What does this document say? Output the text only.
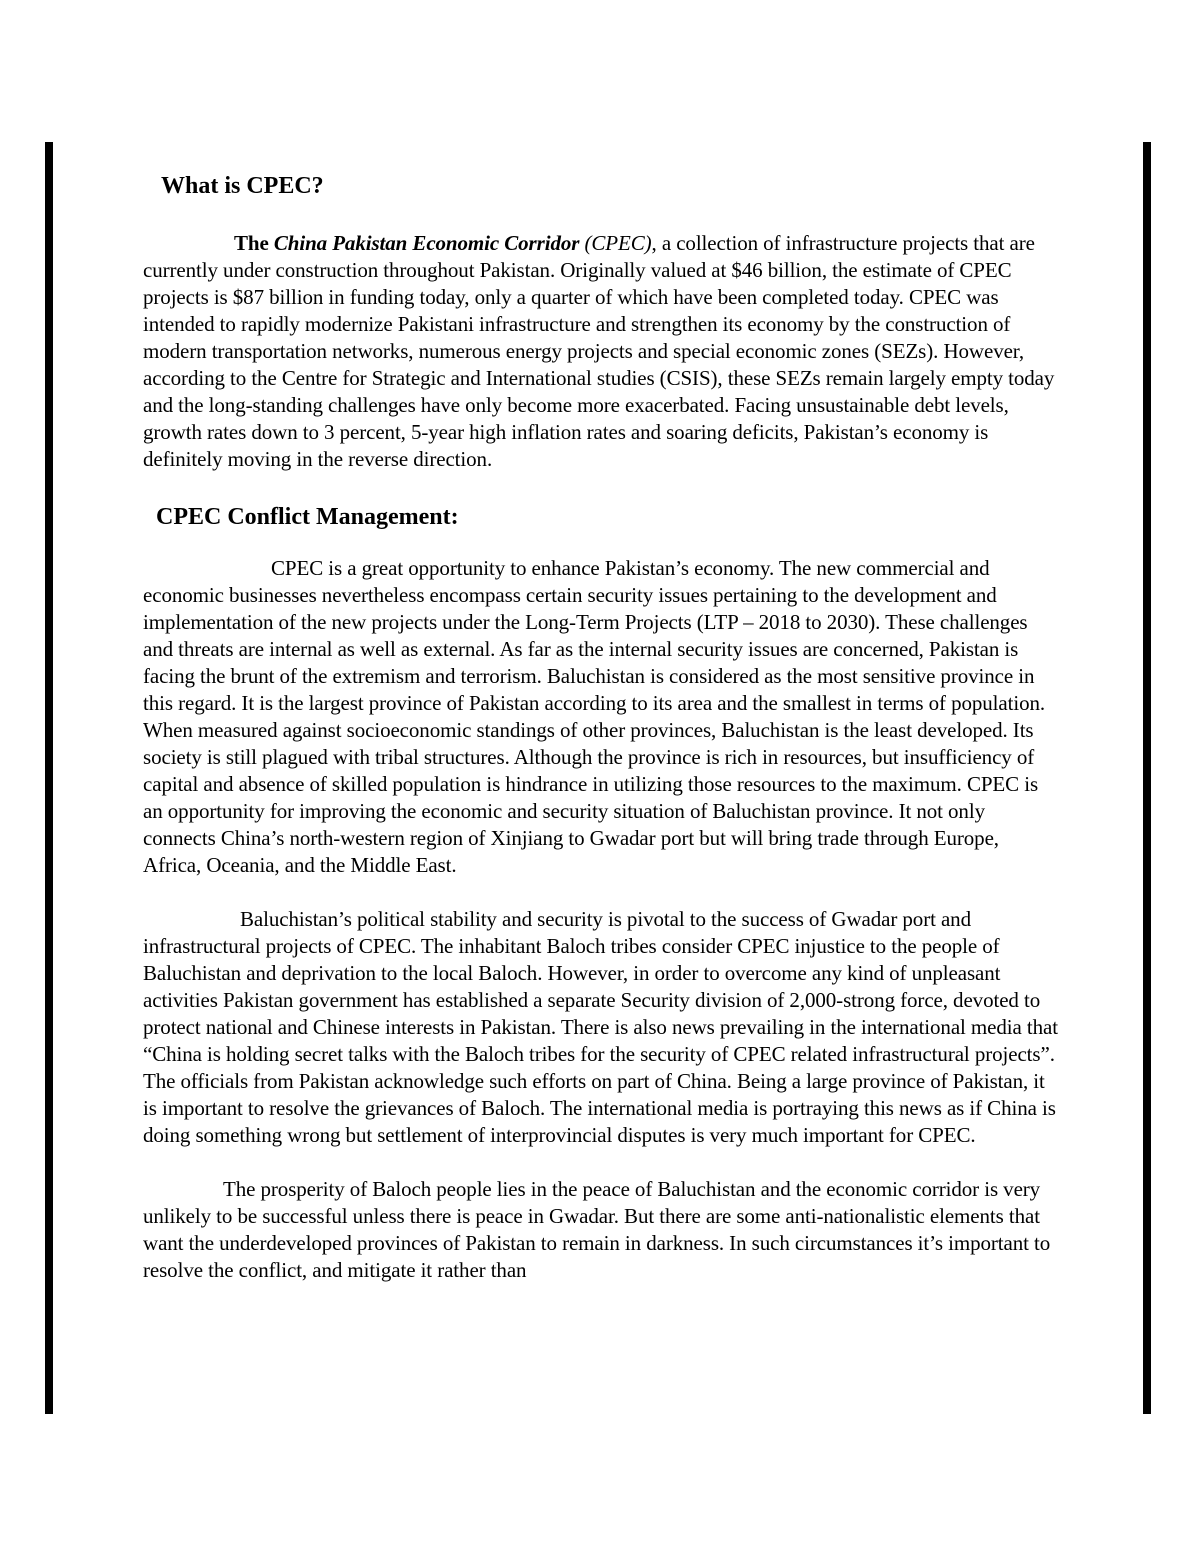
What is CPEC?

The China Pakistan Economic Corridor (CPEC), a collection of infrastructure projects that are currently under construction throughout Pakistan. Originally valued at $46 billion, the estimate of CPEC projects is $87 billion in funding today, only a quarter of which have been completed today. CPEC was intended to rapidly modernize Pakistani infrastructure and strengthen its economy by the construction of modern transportation networks, numerous energy projects and special economic zones (SEZs). However, according to the Centre for Strategic and International studies (CSIS), these SEZs remain largely empty today and the long-standing challenges have only become more exacerbated. Facing unsustainable debt levels, growth rates down to 3 percent, 5-year high inflation rates and soaring deficits, Pakistan’s economy is definitely moving in the reverse direction.

CPEC Conflict Management:

CPEC is a great opportunity to enhance Pakistan’s economy. The new commercial and economic businesses nevertheless encompass certain security issues pertaining to the development and implementation of the new projects under the Long-Term Projects (LTP – 2018 to 2030). These challenges and threats are internal as well as external. As far as the internal security issues are concerned, Pakistan is facing the brunt of the extremism and terrorism. Baluchistan is considered as the most sensitive province in this regard. It is the largest province of Pakistan according to its area and the smallest in terms of population. When measured against socioeconomic standings of other provinces, Baluchistan is the least developed. Its society is still plagued with tribal structures. Although the province is rich in resources, but insufficiency of capital and absence of skilled population is hindrance in utilizing those resources to the maximum. CPEC is an opportunity for improving the economic and security situation of Baluchistan province. It not only connects China’s north-western region of Xinjiang to Gwadar port but will bring trade through Europe, Africa, Oceania, and the Middle East.

Baluchistan’s political stability and security is pivotal to the success of Gwadar port and infrastructural projects of CPEC. The inhabitant Baloch tribes consider CPEC injustice to the people of Baluchistan and deprivation to the local Baloch. However, in order to overcome any kind of unpleasant activities Pakistan government has established a separate Security division of 2,000-strong force, devoted to protect national and Chinese interests in Pakistan. There is also news prevailing in the international media that “China is holding secret talks with the Baloch tribes for the security of CPEC related infrastructural projects”. The officials from Pakistan acknowledge such efforts on part of China. Being a large province of Pakistan, it is important to resolve the grievances of Baloch. The international media is portraying this news as if China is doing something wrong but settlement of interprovincial disputes is very much important for CPEC.

The prosperity of Baloch people lies in the peace of Baluchistan and the economic corridor is very unlikely to be successful unless there is peace in Gwadar. But there are some anti-nationalistic elements that want the underdeveloped provinces of Pakistan to remain in darkness. In such circumstances it’s important to resolve the conflict, and mitigate it rather than
